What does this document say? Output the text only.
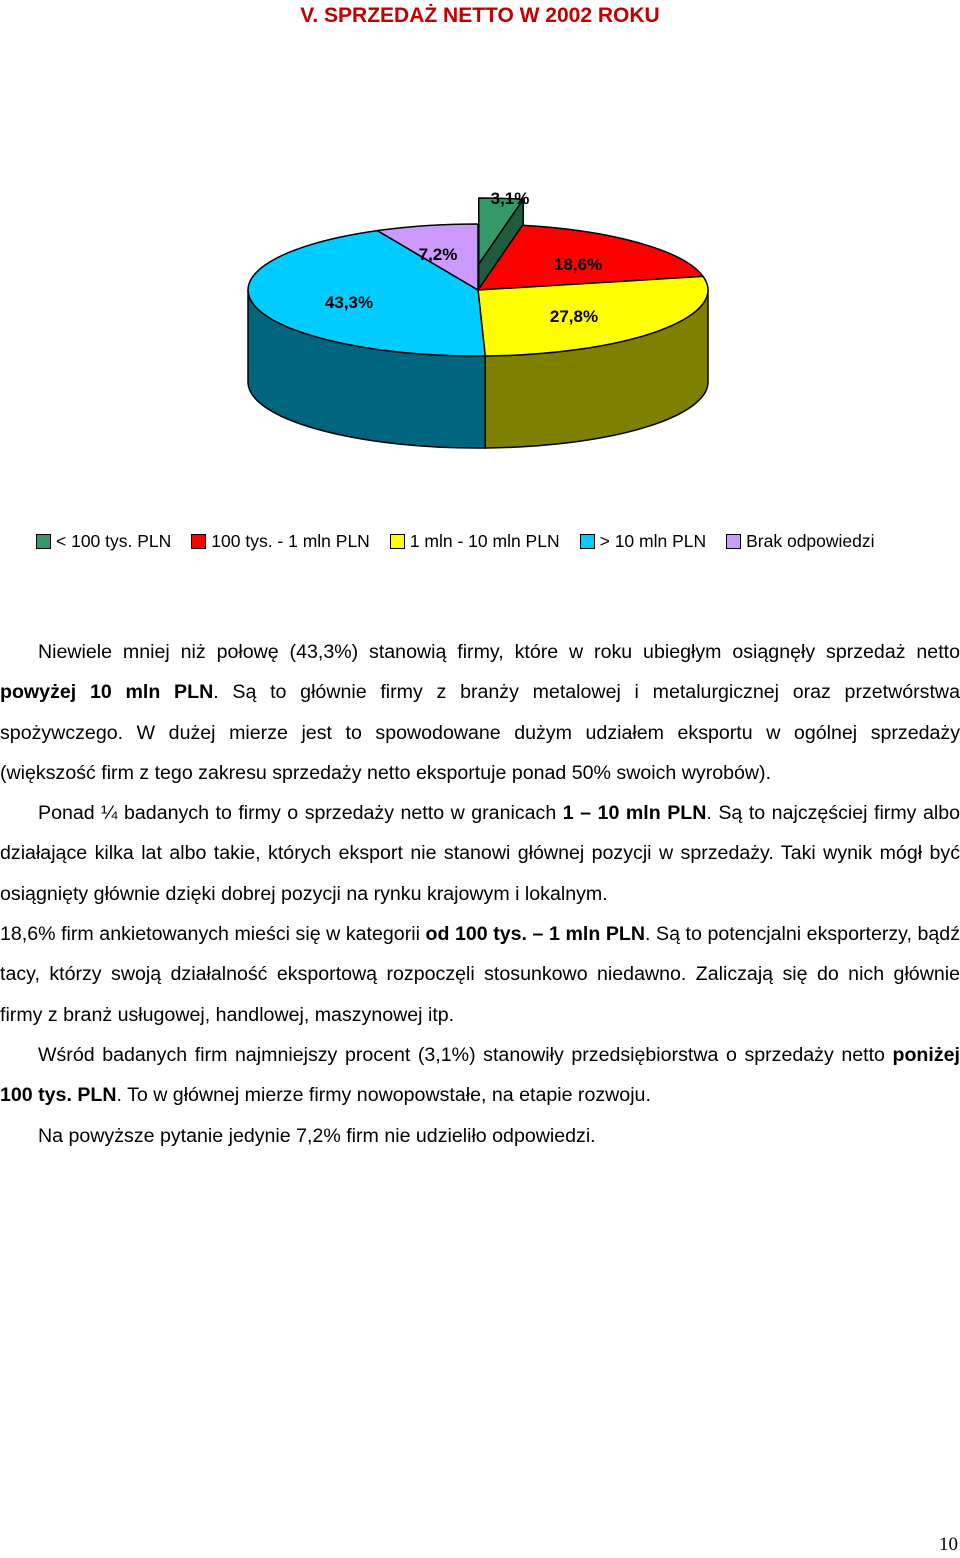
V. SPRZEDAŻ NETTO W 2002 ROKU
3,1%
18,6%
27,8%
43,3%
7,2%
< 100 tys. PLN 100 tys. - 1 mln PLN 1 mln - 10 mln PLN > 10 mln PLN Brak odpowiedzi

Niewiele mniej niż połowę (43,3%) stanowią firmy, które w roku ubiegłym osiągnęły sprzedaż netto powyżej 10 mln PLN. Są to głównie firmy z branży metalowej i metalurgicznej oraz przetwórstwa spożywczego. W dużej mierze jest to spowodowane dużym udziałem eksportu w ogólnej sprzedaży (większość firm z tego zakresu sprzedaży netto eksportuje ponad 50% swoich wyrobów).

Ponad ¼ badanych to firmy o sprzedaży netto w granicach 1 – 10 mln PLN. Są to najczęściej firmy albo działające kilka lat albo takie, których eksport nie stanowi głównej pozycji w sprzedaży. Taki wynik mógł być osiągnięty głównie dzięki dobrej pozycji na rynku krajowym i lokalnym.

18,6% firm ankietowanych mieści się w kategorii od 100 tys. – 1 mln PLN. Są to potencjalni eksporterzy, bądź tacy, którzy swoją działalność eksportową rozpoczęli stosunkowo niedawno. Zaliczają się do nich głównie firmy z branż usługowej, handlowej, maszynowej itp.

Wśród badanych firm najmniejszy procent (3,1%) stanowiły przedsiębiorstwa o sprzedaży netto poniżej 100 tys. PLN. To w głównej mierze firmy nowopowstałe, na etapie rozwoju.

Na powyższe pytanie jedynie 7,2% firm nie udzieliło odpowiedzi.

10
